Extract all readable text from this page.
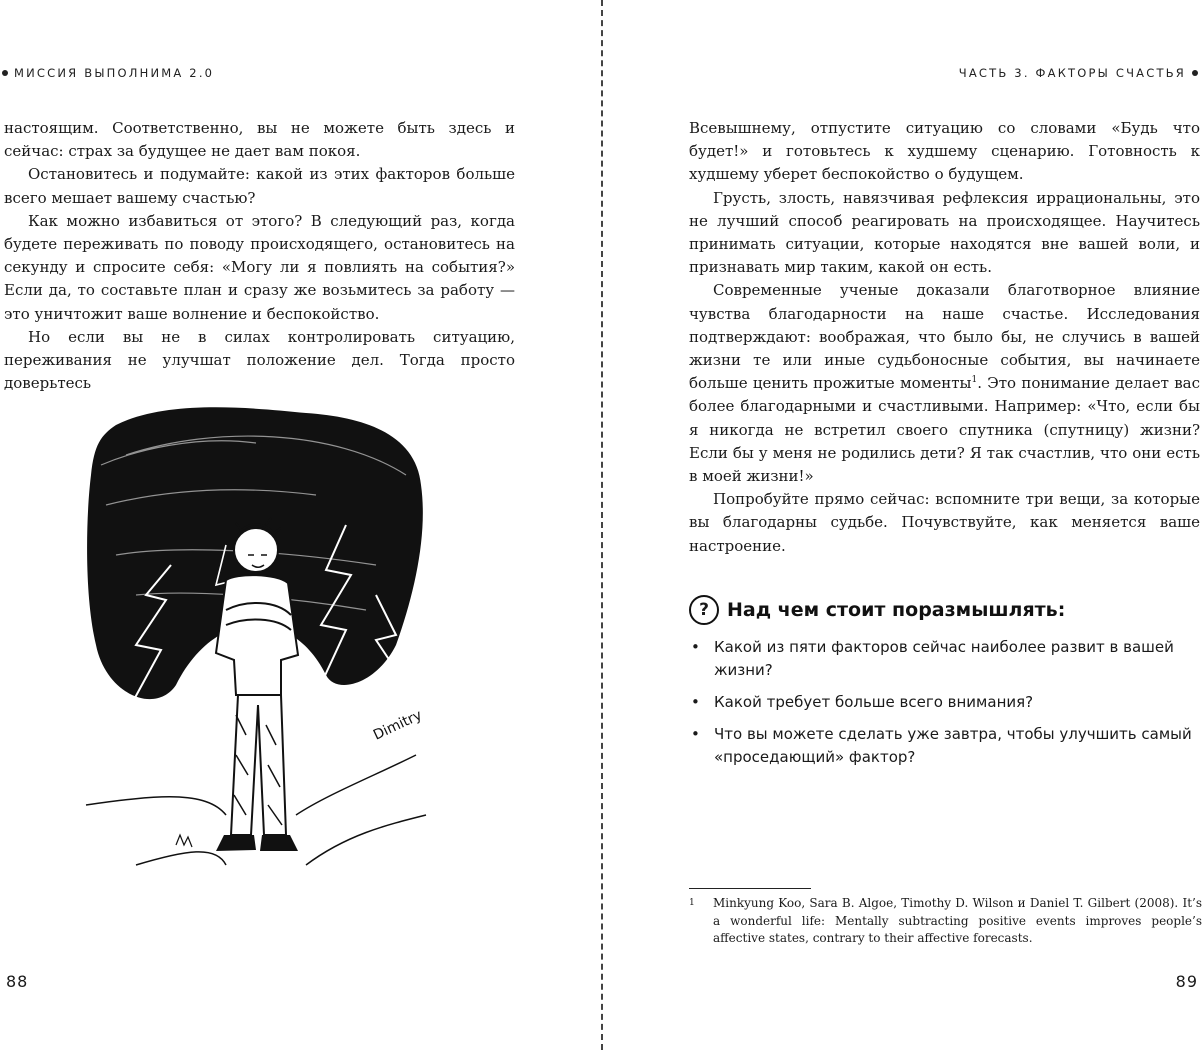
МИССИЯ ВЫПОЛНИМА 2.0

настоящим. Соответственно, вы не можете быть здесь и сейчас: страх за будущее не дает вам покоя.

Остановитесь и подумайте: какой из этих факторов больше всего мешает вашему счастью?

Как можно избавиться от этого? В следующий раз, когда будете переживать по поводу происходящего, остановитесь на секунду и спросите себя: «Могу ли я повлиять на события?» Если да, то составьте план и сразу же возьмитесь за работу — это уничтожит ваше волнение и беспокойство.

Но если вы не в силах контролировать ситуацию, переживания не улучшат положение дел. Тогда просто доверьтесь

Dimitry
88
ЧАСТЬ 3. ФАКТОРЫ СЧАСТЬЯ

Всевышнему, отпустите ситуацию со словами «Будь что будет!» и готовьтесь к худшему сценарию. Готовность к худшему уберет беспокойство о будущем.

Грусть, злость, навязчивая рефлексия иррациональны, это не лучший способ реагировать на происходящее. Научитесь принимать ситуации, которые находятся вне вашей воли, и признавать мир таким, какой он есть.

Современные ученые доказали благотворное влияние чувства благодарности на наше счастье. Исследования подтверждают: воображая, что было бы, не случись в вашей жизни те или иные судьбоносные события, вы начинаете больше ценить прожитые моменты$^1$. Это понимание делает вас более благодарными и счастливыми. Например: «Что, если бы я никогда не встретил своего спутника (спутницу) жизни? Если бы у меня не родились дети? Я так счастлив, что они есть в моей жизни!»

Попробуйте прямо сейчас: вспомните три вещи, за которые вы благодарны судьбе. Почувствуйте, как меняется ваше настроение.

? Над чем стоит поразмышлять:
• Какой из пяти факторов сейчас наиболее развит в вашей жизни?
• Какой требует больше всего внимания?
• Что вы можете сделать уже завтра, чтобы улучшить самый «проседающий» фактор?
1	Minkyung Koo, Sara B. Algoe, Timothy D. Wilson и Daniel T. Gilbert (2008). It’s a wonderful life: Mentally subtracting positive events improves people’s affective states, contrary to their affective forecasts.
89
